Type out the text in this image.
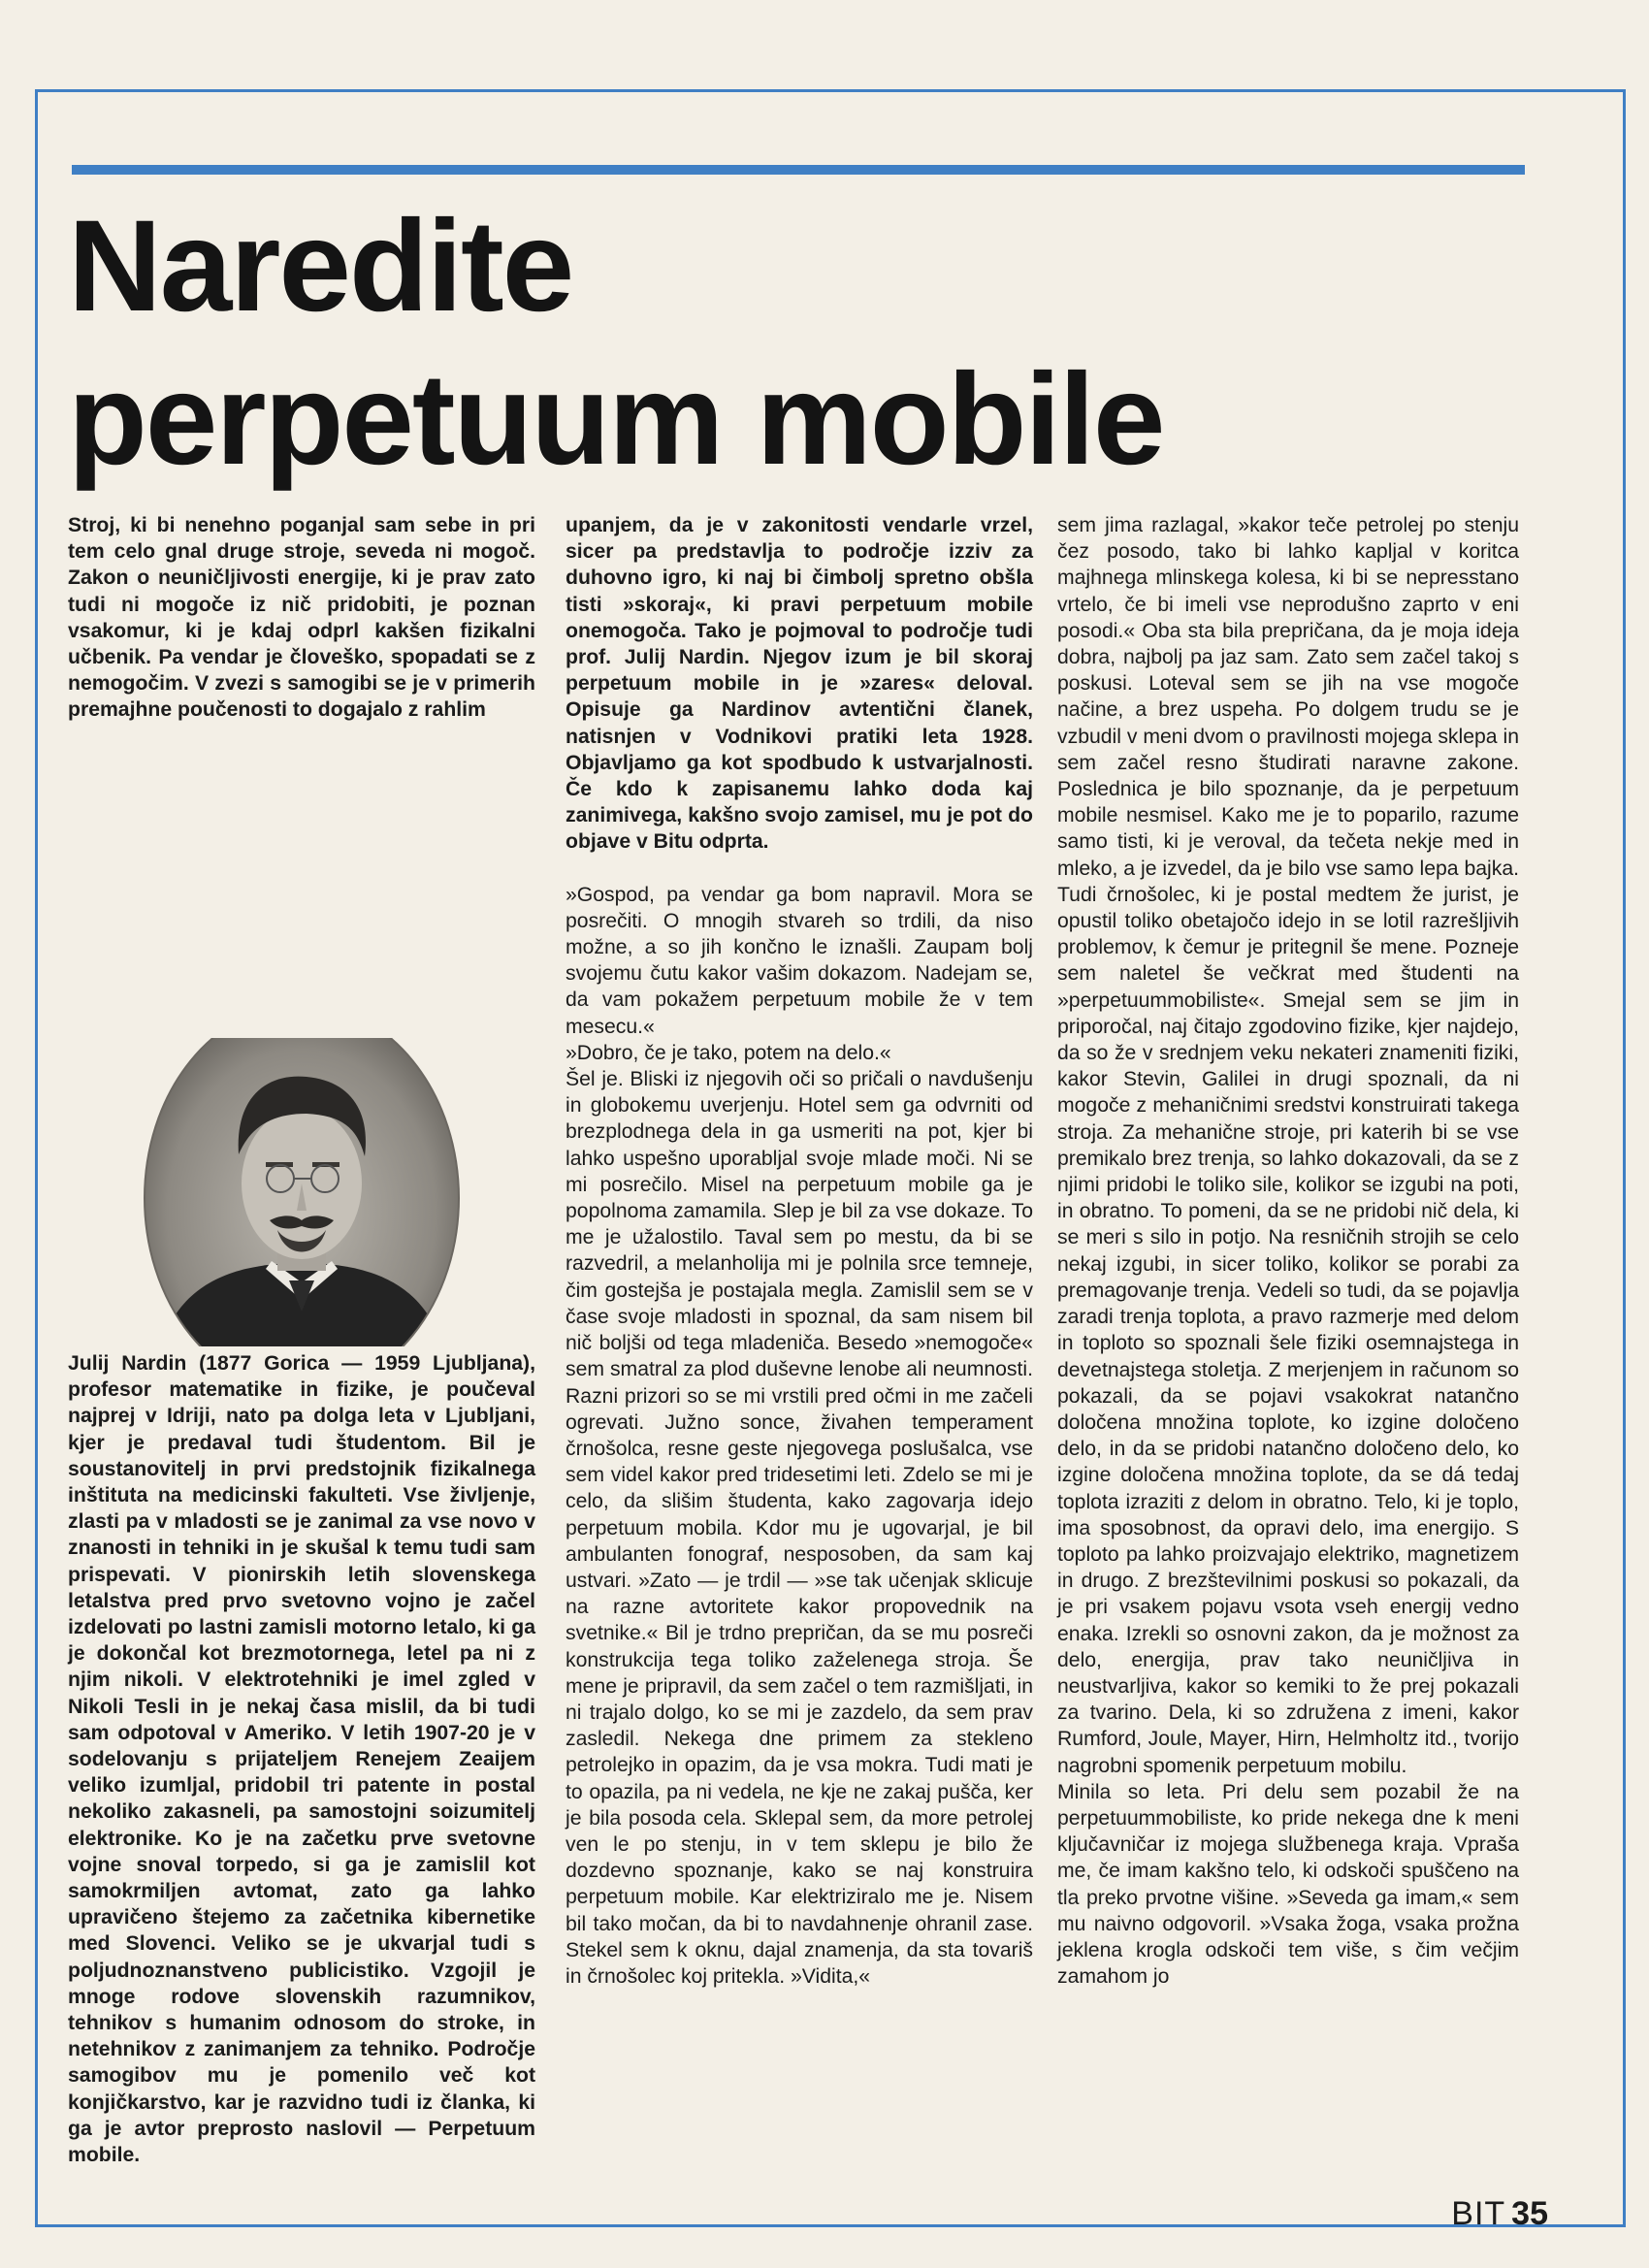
Naredite
perpetuum mobile

Stroj, ki bi nenehno poganjal sam sebe in pri tem celo gnal druge stroje, seveda ni mogoč. Zakon o neuničljivosti energije, ki je prav zato tudi ni mogoče iz nič pridobiti, je poznan vsakomur, ki je kdaj odprl kakšen fizikalni učbenik. Pa vendar je človeško, spopadati se z nemogočim. V zvezi s samogibi se je v primerih premajhne poučenosti to dogajalo z rahlim

Julij Nardin (1877 Gorica — 1959 Ljubljana), profesor matematike in fizike, je poučeval najprej v Idriji, nato pa dolga leta v Ljubljani, kjer je predaval tudi študentom. Bil je soustanovitelj in prvi predstojnik fizikalnega inštituta na medicinski fakulteti. Vse življenje, zlasti pa v mladosti se je zanimal za vse novo v znanosti in tehniki in je skušal k temu tudi sam prispevati. V pionirskih letih slovenskega letalstva pred prvo svetovno vojno je začel izdelovati po lastni zamisli motorno letalo, ki ga je dokončal kot brezmotornega, letel pa ni z njim nikoli. V elektrotehniki je imel zgled v Nikoli Tesli in je nekaj časa mislil, da bi tudi sam odpotoval v Ameriko. V letih 1907-20 je v sodelovanju s prijateljem Renejem Zeaijem veliko izumljal, pridobil tri patente in postal nekoliko zakasneli, pa samostojni soizumitelj elektronike. Ko je na začetku prve svetovne vojne snoval torpedo, si ga je zamislil kot samokrmiljen avtomat, zato ga lahko upravičeno štejemo za začetnika kibernetike med Slovenci. Veliko se je ukvarjal tudi s poljudnoznanstveno publicistiko. Vzgojil je mnoge rodove slovenskih razumnikov, tehnikov s humanim odnosom do stroke, in netehnikov z zanimanjem za tehniko. Področje samogibov mu je pomenilo več kot konjičkarstvo, kar je razvidno tudi iz članka, ki ga je avtor preprosto naslovil — Perpetuum mobile.

upanjem, da je v zakonitosti vendarle vrzel, sicer pa predstavlja to področje izziv za duhovno igro, ki naj bi čimbolj spretno obšla tisti »skoraj«, ki pravi perpetuum mobile onemogoča. Tako je pojmoval to področje tudi prof. Julij Nardin. Njegov izum je bil skoraj perpetuum mobile in je »zares« deloval. Opisuje ga Nardinov avtentični članek, natisnjen v Vodnikovi pratiki leta 1928. Objavljamo ga kot spodbudo k ustvarjalnosti. Če kdo k zapisanemu lahko doda kaj zanimivega, kakšno svojo zamisel, mu je pot do objave v Bitu odprta.

»Gospod, pa vendar ga bom napravil. Mora se posrečiti. O mnogih stvareh so trdili, da niso možne, a so jih končno le iznašli. Zaupam bolj svojemu čutu kakor vašim dokazom. Nadejam se, da vam pokažem perpetuum mobile že v tem mesecu.«

»Dobro, če je tako, potem na delo.«

Šel je. Bliski iz njegovih oči so pričali o navdušenju in globokemu uverjenju. Hotel sem ga odvrniti od brezplodnega dela in ga usmeriti na pot, kjer bi lahko uspešno uporabljal svoje mlade moči. Ni se mi posrečilo. Misel na perpetuum mobile ga je popolnoma zamamila. Slep je bil za vse dokaze. To me je užalostilo. Taval sem po mestu, da bi se razvedril, a melanholija mi je polnila srce temneje, čim gostejša je postajala megla. Zamislil sem se v čase svoje mladosti in spoznal, da sam nisem bil nič boljši od tega mladeniča. Besedo »nemogoče« sem smatral za plod duševne lenobe ali neumnosti. Razni prizori so se mi vrstili pred očmi in me začeli ogrevati. Južno sonce, živahen temperament črnošolca, resne geste njegovega poslušalca, vse sem videl kakor pred tridesetimi leti. Zdelo se mi je celo, da slišim študenta, kako zagovarja idejo perpetuum mobila. Kdor mu je ugovarjal, je bil ambulanten fonograf, nesposoben, da sam kaj ustvari. »Zato — je trdil — »se tak učenjak sklicuje na razne avtoritete kakor propovednik na svetnike.« Bil je trdno prepričan, da se mu posreči konstrukcija tega toliko zaželenega stroja. Še mene je pripravil, da sem začel o tem razmišljati, in ni trajalo dolgo, ko se mi je zazdelo, da sem prav zasledil. Nekega dne primem za stekleno petrolejko in opazim, da je vsa mokra. Tudi mati je to opazila, pa ni vedela, ne kje ne zakaj pušča, ker je bila posoda cela. Sklepal sem, da more petrolej ven le po stenju, in v tem sklepu je bilo že dozdevno spoznanje, kako se naj konstruira perpetuum mobile. Kar elektriziralo me je. Nisem bil tako močan, da bi to navdahnenje ohranil zase. Stekel sem k oknu, dajal znamenja, da sta tovariš in črnošolec koj pritekla. »Vidita,«

sem jima razlagal, »kakor teče petrolej po stenju čez posodo, tako bi lahko kapljal v koritca majhnega mlinskega kolesa, ki bi se nepresstano vrtelo, če bi imeli vse neprodušno zaprto v eni posodi.« Oba sta bila prepričana, da je moja ideja dobra, najbolj pa jaz sam. Zato sem začel takoj s poskusi. Loteval sem se jih na vse mogoče načine, a brez uspeha. Po dolgem trudu se je vzbudil v meni dvom o pravilnosti mojega sklepa in sem začel resno študirati naravne zakone. Poslednica je bilo spoznanje, da je perpetuum mobile nesmisel. Kako me je to poparilo, razume samo tisti, ki je veroval, da tečeta nekje med in mleko, a je izvedel, da je bilo vse samo lepa bajka. Tudi črnošolec, ki je postal medtem že jurist, je opustil toliko obetajočo idejo in se lotil razrešljivih problemov, k čemur je pritegnil še mene. Pozneje sem naletel še večkrat med študenti na »perpetuummobiliste«. Smejal sem se jim in priporočal, naj čitajo zgodovino fizike, kjer najdejo, da so že v srednjem veku nekateri znameniti fiziki, kakor Stevin, Galilei in drugi spoznali, da ni mogoče z mehaničnimi sredstvi konstruirati takega stroja. Za mehanične stroje, pri katerih bi se vse premikalo brez trenja, so lahko dokazovali, da se z njimi pridobi le toliko sile, kolikor se izgubi na poti, in obratno. To pomeni, da se ne pridobi nič dela, ki se meri s silo in potjo. Na resničnih strojih se celo nekaj izgubi, in sicer toliko, kolikor se porabi za premagovanje trenja. Vedeli so tudi, da se pojavlja zaradi trenja toplota, a pravo razmerje med delom in toploto so spoznali šele fiziki osemnajstega in devetnajstega stoletja. Z merjenjem in računom so pokazali, da se pojavi vsakokrat natančno določena množina toplote, ko izgine določeno delo, in da se pridobi natančno določeno delo, ko izgine določena množina toplote, da se dá tedaj toplota izraziti z delom in obratno. Telo, ki je toplo, ima sposobnost, da opravi delo, ima energijo. S toploto pa lahko proizvajajo elektriko, magnetizem in drugo. Z brezštevilnimi poskusi so pokazali, da je pri vsakem pojavu vsota vseh energij vedno enaka. Izrekli so osnovni zakon, da je možnost za delo, energija, prav tako neuničljiva in neustvarljiva, kakor so kemiki to že prej pokazali za tvarino. Dela, ki so združena z imeni, kakor Rumford, Joule, Mayer, Hirn, Helmholtz itd., tvorijo nagrobni spomenik perpetuum mobilu.

Minila so leta. Pri delu sem pozabil že na perpetuummobiliste, ko pride nekega dne k meni ključavničar iz mojega službenega kraja. Vpraša me, če imam kakšno telo, ki odskoči spuščeno na tla preko prvotne višine. »Seveda ga imam,« sem mu naivno odgovoril. »Vsaka žoga, vsaka prožna jeklena krogla odskoči tem više, s čim večjim zamahom jo

BIT 35
